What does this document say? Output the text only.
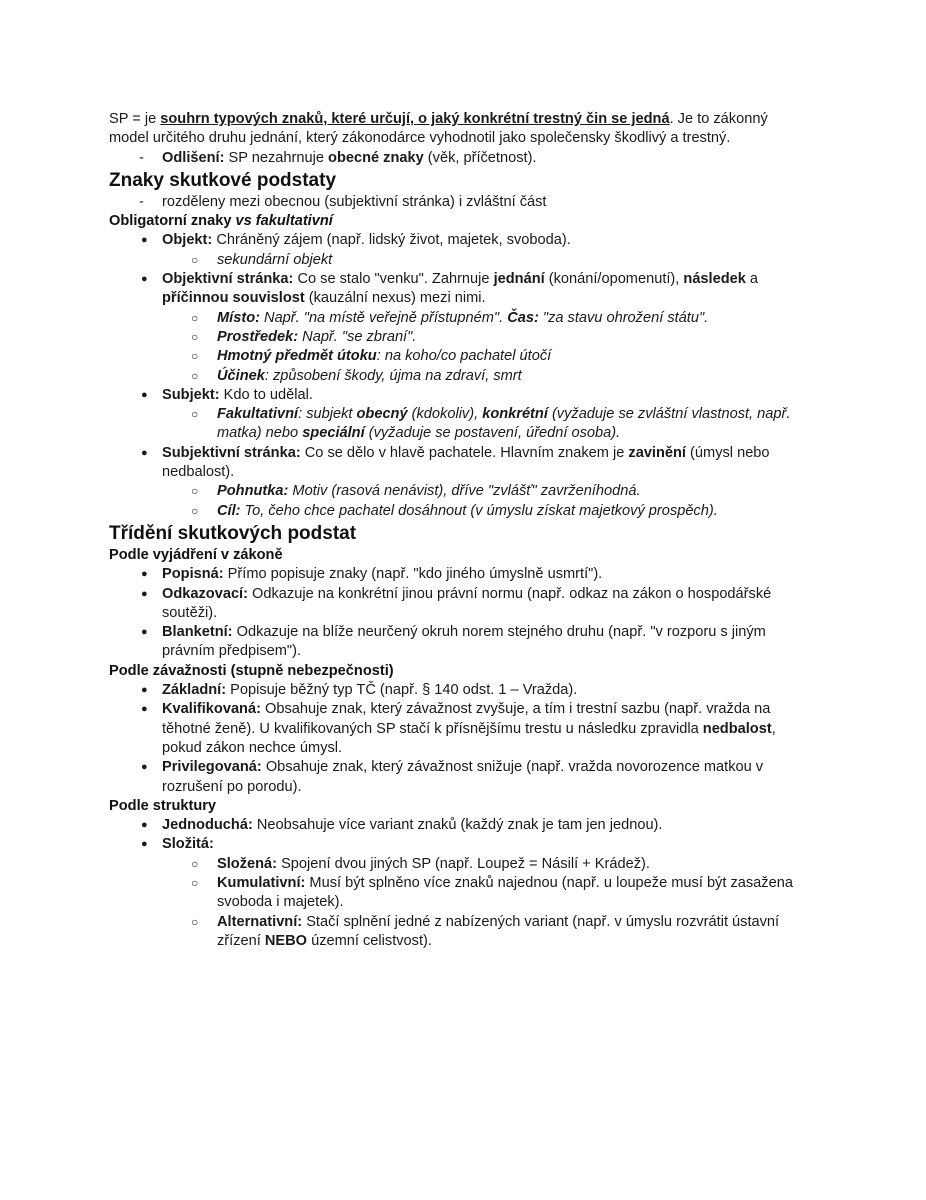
SP = je souhrn typových znaků, které určují, o jaký konkrétní trestný čin se jedná. Je to zákonný model určitého druhu jednání, který zákonodárce vyhodnotil jako společensky škodlivý a trestný.

- Odlišení: SP nezahrnuje obecné znaky (věk, příčetnost).

Znaky skutkové podstaty

- rozděleny mezi obecnou (subjektivní stránka) i zvláštní část

Obligatorní znaky vs fakultativní

● Objekt: Chráněný zájem (např. lidský život, majetek, svoboda).

○ sekundární objekt

● Objektivní stránka: Co se stalo "venku". Zahrnuje jednání (konání/opomenutí), následek a příčinnou souvislost (kauzální nexus) mezi nimi.

○ Místo: Např. "na místě veřejně přístupném". Čas: "za stavu ohrožení státu".

○ Prostředek: Např. "se zbraní".

○ Hmotný předmět útoku: na koho/co pachatel útočí

○ Účinek: způsobení škody, újma na zdraví, smrt

● Subjekt: Kdo to udělal.

○ Fakultativní: subjekt obecný (kdokoliv), konkrétní (vyžaduje se zvláštní vlastnost, např. matka) nebo speciální (vyžaduje se postavení, úřední osoba).

● Subjektivní stránka: Co se dělo v hlavě pachatele. Hlavním znakem je zavinění (úmysl nebo nedbalost).

○ Pohnutka: Motiv (rasová nenávist), dříve "zvlášť" zavrženíhodná.

○ Cíl: To, čeho chce pachatel dosáhnout (v úmyslu získat majetkový prospěch).

Třídění skutkových podstat

Podle vyjádření v zákoně

● Popisná: Přímo popisuje znaky (např. "kdo jiného úmyslně usmrtí").

● Odkazovací: Odkazuje na konkrétní jinou právní normu (např. odkaz na zákon o hospodářské soutěži).

● Blanketní: Odkazuje na blíže neurčený okruh norem stejného druhu (např. "v rozporu s jiným právním předpisem").

Podle závažnosti (stupně nebezpečnosti)

● Základní: Popisuje běžný typ TČ (např. § 140 odst. 1 – Vražda).

● Kvalifikovaná: Obsahuje znak, který závažnost zvyšuje, a tím i trestní sazbu (např. vražda na těhotné ženě). U kvalifikovaných SP stačí k přísnějšímu trestu u následku zpravidla nedbalost, pokud zákon nechce úmysl.

● Privilegovaná: Obsahuje znak, který závažnost snižuje (např. vražda novorozence matkou v rozrušení po porodu).

Podle struktury

● Jednoduchá: Neobsahuje více variant znaků (každý znak je tam jen jednou).

● Složitá:

○ Složená: Spojení dvou jiných SP (např. Loupež = Násilí + Krádež).

○ Kumulativní: Musí být splněno více znaků najednou (např. u loupeže musí být zasažena svoboda i majetek).

○ Alternativní: Stačí splnění jedné z nabízených variant (např. v úmyslu rozvrátit ústavní zřízení NEBO územní celistvost).
